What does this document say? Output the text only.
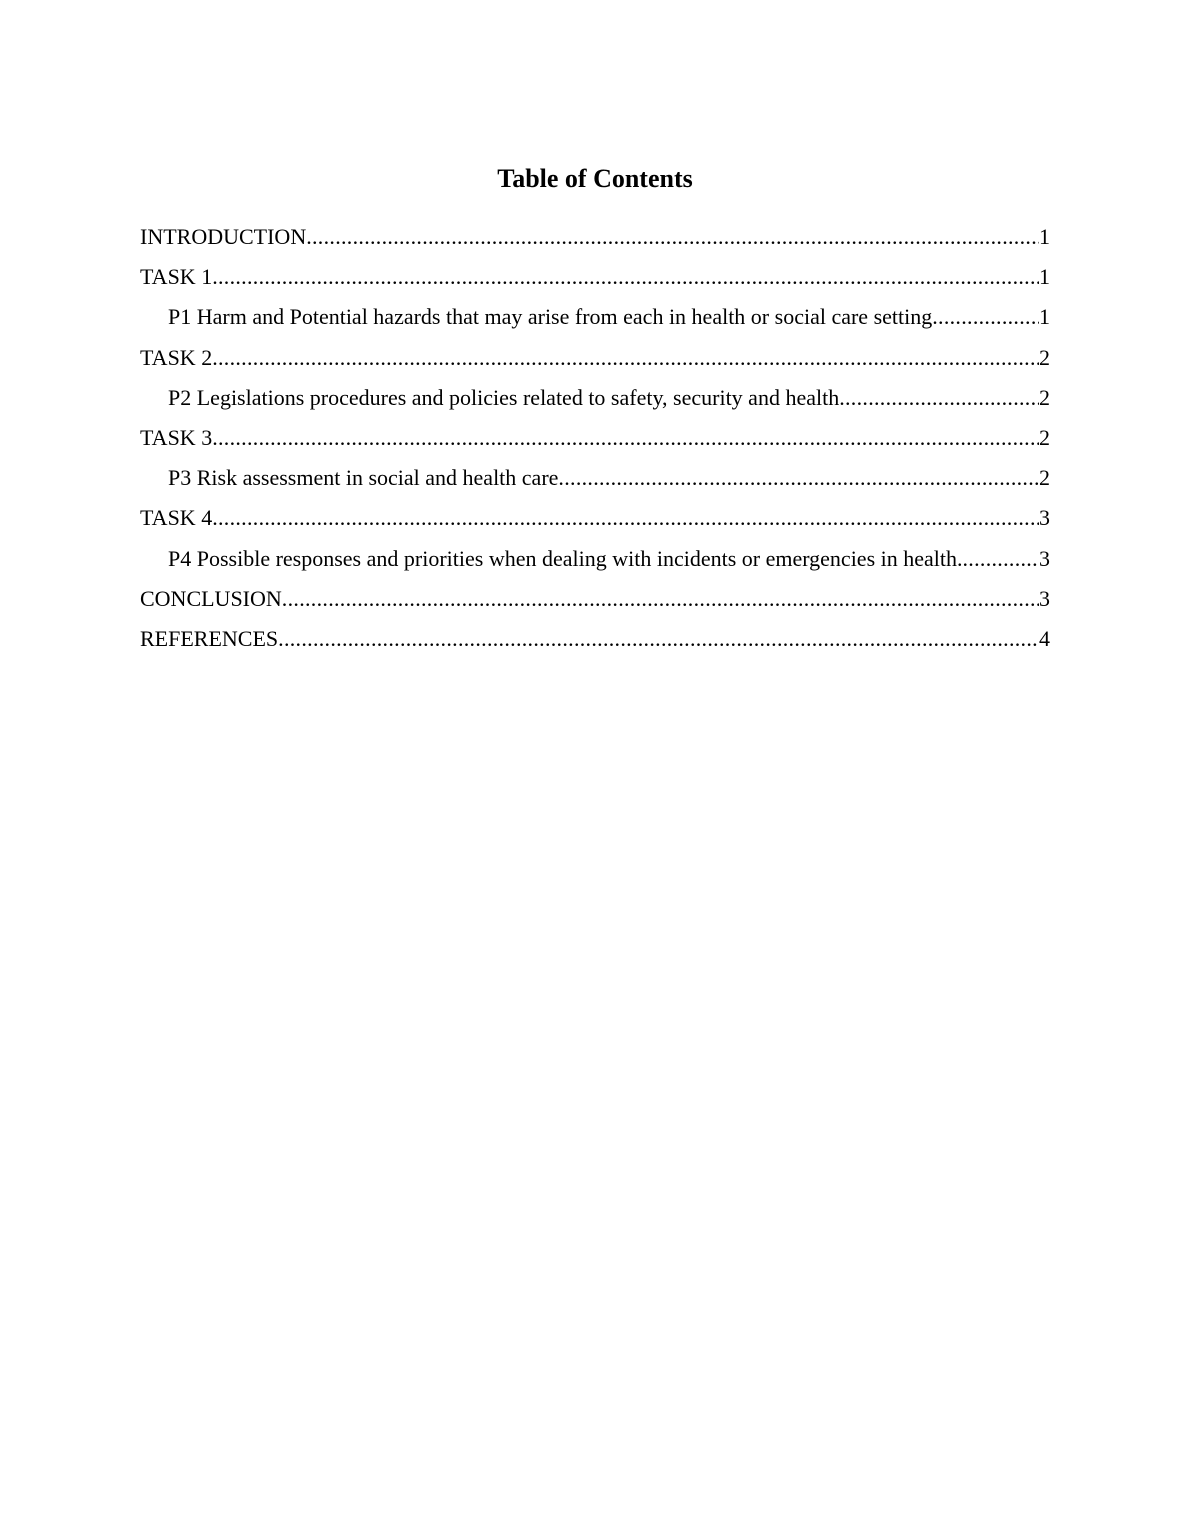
Table of Contents
INTRODUCTION .....	1
TASK 1 .....	1
P1 Harm and Potential hazards that may arise from each in health or social care setting .....	1
TASK 2 .....	2
P2 Legislations procedures and policies related to safety, security and health .....	2
TASK 3 .....	2
P3 Risk assessment in social and health care .....	2
TASK 4 .....	3
P4 Possible responses and priorities when dealing with incidents or emergencies in health. .....	3
CONCLUSION .....	3
REFERENCES .....	4
